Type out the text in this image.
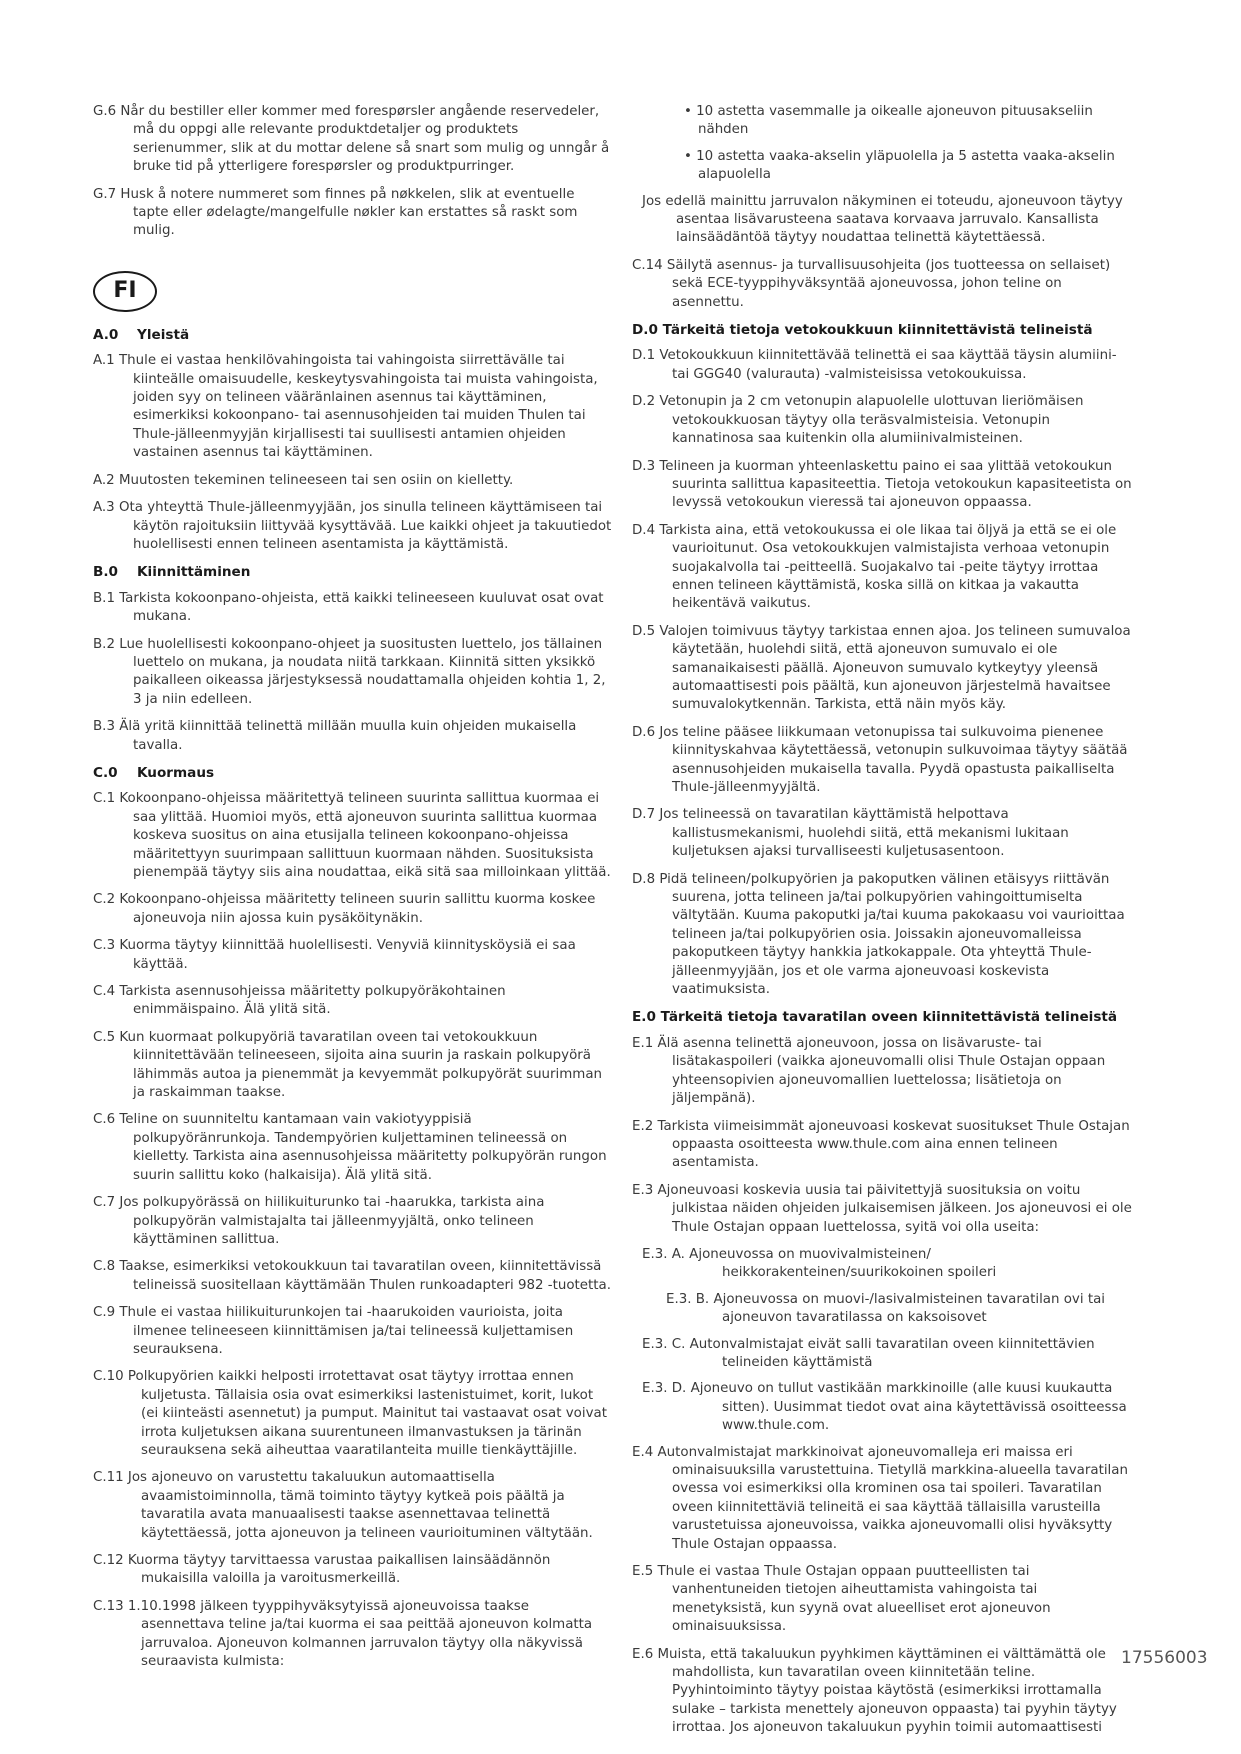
G.6 Når du bestiller eller kommer med forespørsler angående reservedeler, må du oppgi alle relevante produktdetaljer og produktets serienummer, slik at du mottar delene så snart som mulig og unngår å bruke tid på ytterligere forespørsler og produktpurringer.

G.7 Husk å notere nummeret som finnes på nøkkelen, slik at eventuelle tapte eller ødelagte/mangelfulle nøkler kan erstattes så raskt som mulig.

FI
A.0 Yleistä

A.1 Thule ei vastaa henkilövahingoista tai vahingoista siirrettävälle tai kiinteälle omaisuudelle, keskeytysvahingoista tai muista vahingoista, joiden syy on telineen vääränlainen asennus tai käyttäminen, esimerkiksi kokoonpano- tai asennusohjeiden tai muiden Thulen tai Thule-jälleenmyyjän kirjallisesti tai suullisesti antamien ohjeiden vastainen asennus tai käyttäminen.

A.2 Muutosten tekeminen telineeseen tai sen osiin on kielletty.

A.3 Ota yhteyttä Thule-jälleenmyyjään, jos sinulla telineen käyttämiseen tai käytön rajoituksiin liittyvää kysyttävää. Lue kaikki ohjeet ja takuutiedot huolellisesti ennen telineen asentamista ja käyttämistä.

B.0 Kiinnittäminen

B.1 Tarkista kokoonpano-ohjeista, että kaikki telineeseen kuuluvat osat ovat mukana.

B.2 Lue huolellisesti kokoonpano-ohjeet ja suositusten luettelo, jos tällainen luettelo on mukana, ja noudata niitä tarkkaan. Kiinnitä sitten yksikkö paikalleen oikeassa järjestyksessä noudattamalla ohjeiden kohtia 1, 2, 3 ja niin edelleen.

B.3 Älä yritä kiinnittää telinettä millään muulla kuin ohjeiden mukaisella tavalla.

C.0 Kuormaus

C.1 Kokoonpano-ohjeissa määritettyä telineen suurinta sallittua kuormaa ei saa ylittää. Huomioi myös, että ajoneuvon suurinta sallittua kuormaa koskeva suositus on aina etusijalla telineen kokoonpano-ohjeissa määritettyyn suurimpaan sallittuun kuormaan nähden. Suosituksista pienempää täytyy siis aina noudattaa, eikä sitä saa milloinkaan ylittää.

C.2 Kokoonpano-ohjeissa määritetty telineen suurin sallittu kuorma koskee ajoneuvoja niin ajossa kuin pysäköitynäkin.

C.3 Kuorma täytyy kiinnittää huolellisesti. Venyviä kiinnitysköysiä ei saa käyttää.

C.4 Tarkista asennusohjeissa määritetty polkupyöräkohtainen enimmäispaino. Älä ylitä sitä.

C.5 Kun kuormaat polkupyöriä tavaratilan oveen tai vetokoukkuun kiinnitettävään telineeseen, sijoita aina suurin ja raskain polkupyörä lähimmäs autoa ja pienemmät ja kevyemmät polkupyörät suurimman ja raskaimman taakse.

C.6 Teline on suunniteltu kantamaan vain vakiotyyppisiä polkupyöränrunkoja. Tandempyörien kuljettaminen telineessä on kielletty. Tarkista aina asennusohjeissa määritetty polkupyörän rungon suurin sallittu koko (halkaisija). Älä ylitä sitä.

C.7 Jos polkupyörässä on hiilikuiturunko tai -haarukka, tarkista aina polkupyörän valmistajalta tai jälleenmyyjältä, onko telineen käyttäminen sallittua.

C.8 Taakse, esimerkiksi vetokoukkuun tai tavaratilan oveen, kiinnitettävissä telineissä suositellaan käyttämään Thulen runkoadapteri 982 -tuotetta.

C.9 Thule ei vastaa hiilikuiturunkojen tai -haarukoiden vaurioista, joita ilmenee telineeseen kiinnittämisen ja/tai telineessä kuljettamisen seurauksena.

C.10 Polkupyörien kaikki helposti irrotettavat osat täytyy irrottaa ennen kuljetusta. Tällaisia osia ovat esimerkiksi lastenistuimet, korit, lukot (ei kiinteästi asennetut) ja pumput. Mainitut tai vastaavat osat voivat irrota kuljetuksen aikana suurentuneen ilmanvastuksen ja tärinän seurauksena sekä aiheuttaa vaaratilanteita muille tienkäyttäjille.

C.11 Jos ajoneuvo on varustettu takaluukun automaattisella avaamistoiminnolla, tämä toiminto täytyy kytkeä pois päältä ja tavaratila avata manuaalisesti taakse asennettavaa telinettä käytettäessä, jotta ajoneuvon ja telineen vaurioituminen vältytään.

C.12 Kuorma täytyy tarvittaessa varustaa paikallisen lainsäädännön mukaisilla valoilla ja varoitusmerkeillä.

C.13 1.10.1998 jälkeen tyyppihyväksytyissä ajoneuvoissa taakse asennettava teline ja/tai kuorma ei saa peittää ajoneuvon kolmatta jarruvaloa. Ajoneuvon kolmannen jarruvalon täytyy olla näkyvissä seuraavista kulmista:

• 10 astetta vasemmalle ja oikealle ajoneuvon pituusakseliin nähden

• 10 astetta vaaka-akselin yläpuolella ja 5 astetta vaaka-akselin alapuolella

Jos edellä mainittu jarruvalon näkyminen ei toteudu, ajoneuvoon täytyy asentaa lisävarusteena saatava korvaava jarruvalo. Kansallista lainsäädäntöä täytyy noudattaa telinettä käytettäessä.

C.14 Säilytä asennus- ja turvallisuusohjeita (jos tuotteessa on sellaiset) sekä ECE-tyyppihyväksyntää ajoneuvossa, johon teline on asennettu.

D.0 Tärkeitä tietoja vetokoukkuun kiinnitettävistä telineistä

D.1 Vetokoukkuun kiinnitettävää telinettä ei saa käyttää täysin alumiini- tai GGG40 (valurauta) -valmisteisissa vetokoukuissa.

D.2 Vetonupin ja 2 cm vetonupin alapuolelle ulottuvan lieriömäisen vetokoukkuosan täytyy olla teräsvalmisteisia. Vetonupin kannatinosa saa kuitenkin olla alumiinivalmisteinen.

D.3 Telineen ja kuorman yhteenlaskettu paino ei saa ylittää vetokoukun suurinta sallittua kapasiteettia. Tietoja vetokoukun kapasiteetista on levyssä vetokoukun vieressä tai ajoneuvon oppaassa.

D.4 Tarkista aina, että vetokoukussa ei ole likaa tai öljyä ja että se ei ole vaurioitunut. Osa vetokoukkujen valmistajista verhoaa vetonupin suojakalvolla tai -peitteellä. Suojakalvo tai -peite täytyy irrottaa ennen telineen käyttämistä, koska sillä on kitkaa ja vakautta heikentävä vaikutus.

D.5 Valojen toimivuus täytyy tarkistaa ennen ajoa. Jos telineen sumuvaloa käytetään, huolehdi siitä, että ajoneuvon sumuvalo ei ole samanaikaisesti päällä. Ajoneuvon sumuvalo kytkeytyy yleensä automaattisesti pois päältä, kun ajoneuvon järjestelmä havaitsee sumuvalokytkennän. Tarkista, että näin myös käy.

D.6 Jos teline pääsee liikkumaan vetonupissa tai sulkuvoima pienenee kiinnityskahvaa käytettäessä, vetonupin sulkuvoimaa täytyy säätää asennusohjeiden mukaisella tavalla. Pyydä opastusta paikalliselta Thule-jälleenmyyjältä.

D.7 Jos telineessä on tavaratilan käyttämistä helpottava kallistusmekanismi, huolehdi siitä, että mekanismi lukitaan kuljetuksen ajaksi turvalliseesti kuljetusasentoon.

D.8 Pidä telineen/polkupyörien ja pakoputken välinen etäisyys riittävän suurena, jotta telineen ja/tai polkupyörien vahingoittumiselta vältytään. Kuuma pakoputki ja/tai kuuma pakokaasu voi vaurioittaa telineen ja/tai polkupyörien osia. Joissakin ajoneuvomalleissa pakoputkeen täytyy hankkia jatkokappale. Ota yhteyttä Thule-jälleenmyyjään, jos et ole varma ajoneuvoasi koskevista vaatimuksista.

E.0 Tärkeitä tietoja tavaratilan oveen kiinnitettävistä telineistä

E.1 Älä asenna telinettä ajoneuvoon, jossa on lisävaruste- tai lisätakaspoileri (vaikka ajoneuvomalli olisi Thule Ostajan oppaan yhteensopivien ajoneuvomallien luettelossa; lisätietoja on jäljempänä).

E.2 Tarkista viimeisimmät ajoneuvoasi koskevat suositukset Thule Ostajan oppaasta osoitteesta www.thule.com aina ennen telineen asentamista.

E.3 Ajoneuvoasi koskevia uusia tai päivitettyjä suosituksia on voitu julkistaa näiden ohjeiden julkaisemisen jälkeen. Jos ajoneuvosi ei ole Thule Ostajan oppaan luettelossa, syitä voi olla useita:

E.3. A. Ajoneuvossa on muovivalmisteinen/ heikkorakenteinen/suurikokoinen spoileri

E.3. B. Ajoneuvossa on muovi-/lasivalmisteinen tavaratilan ovi tai ajoneuvon tavaratilassa on kaksoisovet

E.3. C. Autonvalmistajat eivät salli tavaratilan oveen kiinnitettävien telineiden käyttämistä

E.3. D. Ajoneuvo on tullut vastikään markkinoille (alle kuusi kuukautta sitten). Uusimmat tiedot ovat aina käytettävissä osoitteessa www.thule.com.

E.4 Autonvalmistajat markkinoivat ajoneuvomalleja eri maissa eri ominaisuuksilla varustettuina. Tietyllä markkina-alueella tavaratilan ovessa voi esimerkiksi olla krominen osa tai spoileri. Tavaratilan oveen kiinnitettäviä telineitä ei saa käyttää tällaisilla varusteilla varustetuissa ajoneuvoissa, vaikka ajoneuvomalli olisi hyväksytty Thule Ostajan oppaassa.

E.5 Thule ei vastaa Thule Ostajan oppaan puutteellisten tai vanhentuneiden tietojen aiheuttamista vahingoista tai menetyksistä, kun syynä ovat alueelliset erot ajoneuvon ominaisuuksissa.

E.6 Muista, että takaluukun pyyhkimen käyttäminen ei välttämättä ole mahdollista, kun tavaratilan oveen kiinnitetään teline. Pyyhintoiminto täytyy poistaa käytöstä (esimerkiksi irrottamalla sulake – tarkista menettely ajoneuvon oppaasta) tai pyyhin täytyy irrottaa. Jos ajoneuvon takaluukun pyyhin toimii automaattisesti

17556003
